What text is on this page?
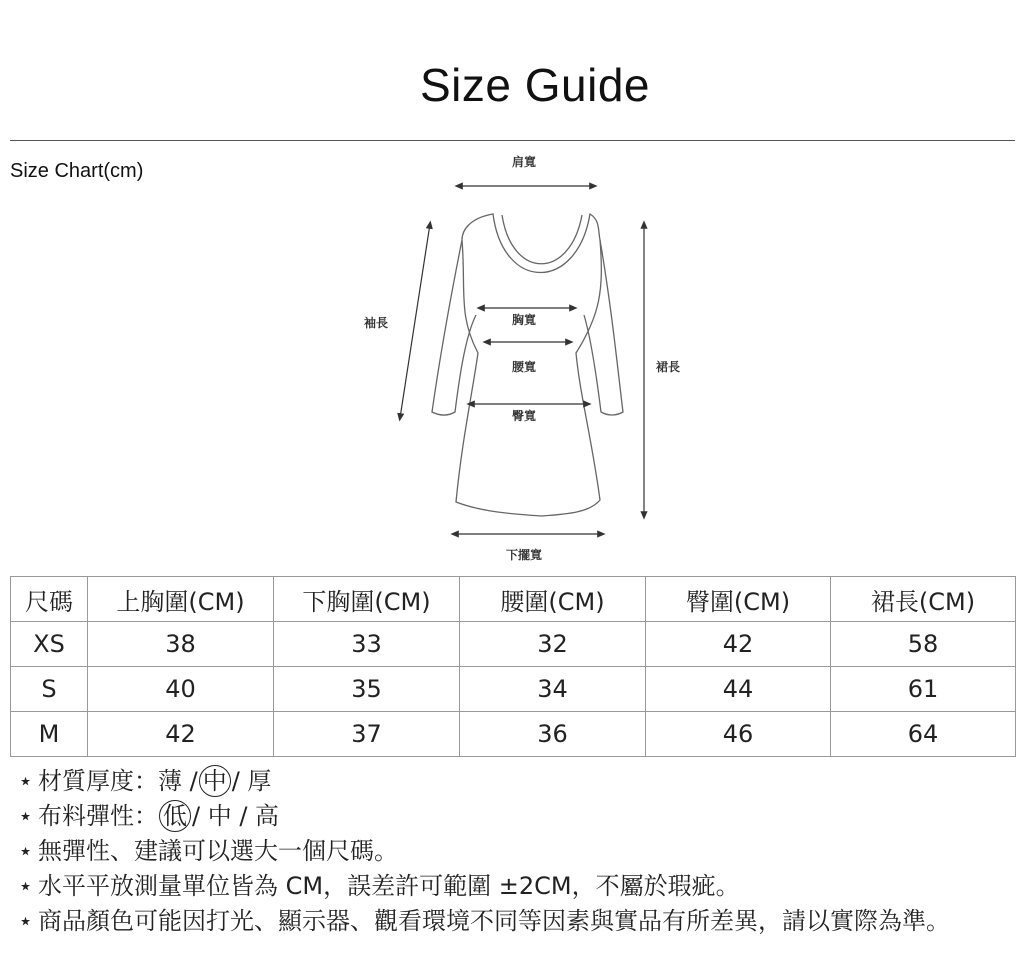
Size Guide
Size Chart(cm)	肩寬
袖長	胸寬
腰寬
臀寬
裙長
下擺寬
尺碼	上胸圍(CM)	下胸圍(CM)	腰圍(CM)	臀圍(CM)	裙長(CM)
XS	38	33	32	42	58
S	40	35	34	44	61
M	42	37	36	46	64
⋆ 材質厚度：薄 / 中 / 厚
⋆ 布料彈性： 低 / 中 / 高
⋆ 無彈性、建議可以選大一個尺碼。
⋆ 水平平放測量單位皆為 CM，誤差許可範圍 ±2CM，不屬於瑕疵。
⋆ 商品顏色可能因打光、顯示器、觀看環境不同等因素與實品有所差異，請以實際為準。
